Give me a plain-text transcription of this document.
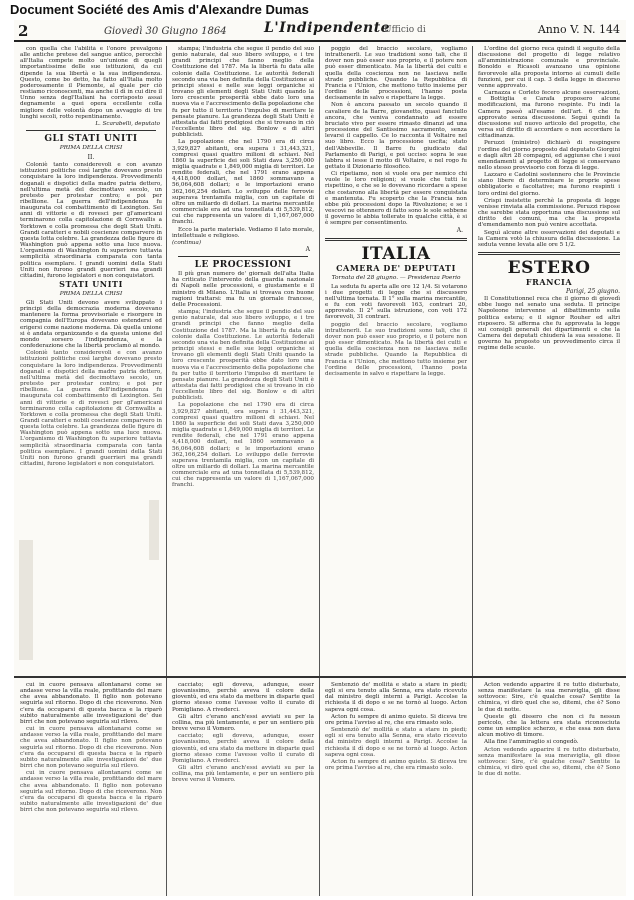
Document Société des Amis d'Alexandre Dumas
2	Giovedì 30 Giugno 1864	L'Indipendente
Ufficio di	Anno V. N. 144

con quella che l'abilità e l'onore prevalgono alle antiche pretese del sangue antico, perocchè all'Italia compete molto un'unione di quegli importantissime delle sue istituzioni, da cui dipende la sua libertà e la sua indipendenza. Questo, come bo detto, ha fatto all'Italia molto poderosamente il Piemonte, al quale per ciò restiamo riconoscenti, ma anche il dì in cui dire il Unno senza degl'Italiani ha corrisposto assai degnamente a quei opera eccellente colla migliore delle volontà dopo un avvaggio di tre lunghi secoli, rotto repentinamente.

L. Scarabelli, deputato
GLI STATI UNITI
PRIMA DELLA CRISI
II.

Coloniè tanto considerevoli e con avanzo istituzioni politiche così larghe dovevano presto conquistare la loro indipendenza. Provvedimenti doganali e dispotici della madre patria dettero, nell'ultima metà del decimottavo secolo, un pretesto per protestar contro; e poi per ribellione. La guerra dell'indipendenza fu inaugurata col combattimento di Lexington. Sei anni di vittorie e di rovesci per gl'americani terminarono colla capitolazione di Cornwallis a Yorktown e colla promessa che degli Stati Uniti. Grandi caratteri e nobili coscienze comparvero in questa lotta celebre. La grandezza delle figure di Washington può appena sotto una luce nuova. L'organismo di Washington fu superiore tuttavia semplicità straordinaria comparata con tanta politica esemplare. I grandi uomini della Stati Uniti non furono grandi guerrieri ma grandi cittadini, furono legislatori e non conquistatori.

STATI UNITI
PRIMA DELLA CRISI

Gli Stati Uniti devono avere sviluppato i principi della democrazia moderna dovevano mantenere la forma provvisoriale e risorgere in compagnia dell'Europa dovevano estendersi ed erigersi come nazione moderna. Dà quella unione si è andata organizzando e da questa unione del mondo sorsero l'indipendenza, e la confederazione che la libertà proclamò al mondo.

Coloniè tanto considerevoli e con avanzo istituzioni politiche così larghe dovevano presto conquistare la loro indipendenza. Provvedimenti doganali e dispotici della madre patria dettero, nell'ultima metà del decimottavo secolo, un pretesto per protestar contro; e poi per ribellione. La guerra dell'indipendenza fu inaugurata col combattimento di Lexington. Sei anni di vittorie e di rovesci per gl'americani terminarono colla capitolazione di Cornwallis a Yorktown e colla promessa che degli Stati Uniti. Grandi caratteri e nobili coscienze comparvero in questa lotta celebre. La grandezza delle figure di Washington può appena sotto una luce nuova. L'organismo di Washington fu superiore tuttavia semplicità straordinaria comparata con tanta politica esemplare. I grandi uomini della Stati Uniti non furono grandi guerrieri ma grandi cittadini, furono legislatori e non conquistatori.

stampa; l'industria che segue il pendio del suo genio naturale, dal suo libero sviluppo, e i tre grandi principi che fanno meglio della Costituzione del 1787. Ma la libertà fu data alle colonie dalla Costituzione. Le autorità federali secondo una via ben definita della Costituzione ai principi stessi e nelle sue leggi organiche si trovano gli elementi degli Stati Uniti quando la loro crescente prosperità ebbe dato loro una nuova via e l'accrescimento della popolazione che fu per tutto il territorio l'impulso di meritare le pensate pianure. La grandezza degli Stati Uniti è attestata dai fatti prodigiosi che si trovano in ciò l'eccellente libro del sig. Bonlow e di altri pubblicisti.

La popolazione che nel 1790 era di circa 3,929,827 abitanti, ora supera i 31,443,321, compresi quasi quattro milioni di schiavi. Nel 1860 la superficie dei soli Stati dava 3,250,000 miglia quadrate e 1,849,000 miglia di territori. Le rendite federali, che nel 1791 erano appena 4,418,000 dollari, nel 1860 sommavano a 56,064,608 dollari; e le importazioni erano 362,166,254 dollari. Lo sviluppo delle ferrovie superava trentamila miglia, con un capitale di oltre un miliardo di dollari. La marina mercantile commerciale era ad una tonnellata di 5,539,812, cui che rappresenta un valore di 1,167,067,000 franchi.

Ecco la parte materiale. Vediamo il lato morale, intellettuale e religioso.

(continua)
A
LE PROCESSIONI

Il più gran numero de' giornali dell'alta Italia ha criticato l'intervento della guardia nazionale di Napoli nelle processioni, e giustamente e il ministro di Milano. L'Italia si trovava con buone ragioni trattarsi: ma fu un giornale francese, delle Processioni.

stampa; l'industria che segue il pendio del suo genio naturale, dal suo libero sviluppo, e i tre grandi principi che fanno meglio della Costituzione del 1787. Ma la libertà fu data alle colonie dalla Costituzione. Le autorità federali secondo una via ben definita della Costituzione ai principi stessi e nelle sue leggi organiche si trovano gli elementi degli Stati Uniti quando la loro crescente prosperità ebbe dato loro una nuova via e l'accrescimento della popolazione che fu per tutto il territorio l'impulso di meritare le pensate pianure. La grandezza degli Stati Uniti è attestata dai fatti prodigiosi che si trovano in ciò l'eccellente libro del sig. Bonlow e di altri pubblicisti.

La popolazione che nel 1790 era di circa 3,929,827 abitanti, ora supera i 31,443,321, compresi quasi quattro milioni di schiavi. Nel 1860 la superficie dei soli Stati dava 3,250,000 miglia quadrate e 1,849,000 miglia di territori. Le rendite federali, che nel 1791 erano appena 4,418,000 dollari, nel 1860 sommavano a 56,064,608 dollari; e le importazioni erano 362,166,254 dollari. Lo sviluppo delle ferrovie superava trentamila miglia, con un capitale di oltre un miliardo di dollari. La marina mercantile commerciale era ad una tonnellata di 5,539,812, cui che rappresenta un valore di 1,167,067,000 franchi.

poggio del braccio secolare, vogliamo intrattenerli. Le suo tradizioni sono tali, che il dover non può esser suo proprio, e il potere non può esser dimenticato. Ma la libertà dei culti e quella della coscienza non ne lasciava nelle strade pubbliche. Quando la Repubblica di Francia e l'Union, che mettono tutto insieme per l'ordine delle processioni, l'hanno posta decisamente in salvo e rispettare la legge.

Non è ancora passato un secolo quando il cavaliere de la Barre, giovanetto, quasi fanciullo ancora, che veniva condannato ad essere bruciato vivo per essere rimasto dinanzi ad una processione del Santissimo sacramento, senza levarsi il cappello. Ce lo racconta il Voltaire nel suo libro. Ecco la processione uscita; stato dell'Abbeville. Il Barre fu giudicato dal Parlamento di Parigi, e poi ucciso: sopra le sue labbra si lesse il motto di Voltaire, e nel rogo fu gettato il Dizionario filosofico.

Ci ripetiamo, non si vuole ora per nemico chi vuole le loro religioni; si vuole che tutti le rispettino, e che se le dovevano ricordare a spese che costarono alla libertà per essere conquistata e mantenuta. Fu scoperto che la Francia non ebbe più processioni dopo la Rivoluzione; e se i vescovi ne ottennero di fatto sono le sole sebbene il governo le abbia tollerate in qualche città, è si è sempre per consentimento.

A.
ITALIA
CAMERA DE' DEPUTATI
Tornata del 28 giugno. — Presidenza Poerio

La seduta fu aperta alle ore 12 1/4. Si votarono i due progetti di legge che si discussero nell'ultima tornata. Il 1° sulla marina mercantile, e fu con voti favorevoli 163, contrari 20, approvato. Il 2° sulla istruzione, con voti 172 favorevoli, 31 contrari.

poggio del braccio secolare, vogliamo intrattenerli. Le suo tradizioni sono tali, che il dover non può esser suo proprio, e il potere non può esser dimenticato. Ma la libertà dei culti e quella della coscienza non ne lasciava nelle strade pubbliche. Quando la Repubblica di Francia e l'Union, che mettono tutto insieme per l'ordine delle processioni, l'hanno posta decisamente in salvo e rispettare la legge.

L'ordine del giorno reca quindi il seguito della discussione del progetto di legge relativo all'amministrazione comunale e provinciale. Bonoldo e Ricasoli avanzano una opinione favorevole alla proposta intorno ai cumuli delle funzioni, per cui il cap. 3 della legge in discorso venne approvato.

Carnazza e Corleto fecero alcune osservazioni, e Bottiglia e Carafa proposero alcune modificazioni, ma furono respinte. Fu indi la Camera passò all'esame dell'art. 6 che fu approvato senza discussione. Seguì quindi la discussione sul nuovo articolo del progetto, che versa sul diritto di accordare o non accordare la cittadinanza.

Peruzzi (ministro) dichiarò di respingere l'ordine del giorno proposto dal deputato Giorgini e dagli altri 28 compagni, ed aggiunse che i suoi emendamenti al progetto di legge si conservano nello stesso provvisorio con forza di legge.

Lazzaro e Cadolini sostennero che le Provincie siano libere di determinare le proprie spese obbligatorie e facoltative; ma furono respinti i loro ordini del giorno.

Crispi insistette perchè la proposta di legge venisse rinviata alla commissione. Peruzzi rispose che sarebbe stata opportuna una discussione sul diritto dei comuni, ma che la proposta d'emendamento non può venire accettata.

Seguì alcune altre osservazioni dei deputati e la Camera votò la chiusura della discussione. La seduta venne levata alle ore 5 1/2.

ESTERO
FRANCIA
Parigi, 25 giugno.

Il Constitutionnel reca che il giorno di giovedì ebbe luogo nel senato una seduta. Il principe Napoleone intervenne al dibattimento sulla politica estera; e il signor Rouher ed altri risposero. Si afferma che fu approvata la legge sui consigli generali dei dipartimenti e che la Camera dei deputati chiuderà la sua sessione. Il governo ha proposto un provvedimento circa il regime delle scuole.

cui in cuore pensava allontanarsi come se andasse verso la villa reale, profittando del mare che avea abbandonato. Il figlio non potevano seguirla sul ritorno. Dopo di che riceverono. Non c'era da occuparsi di questa bacca e la riparò subito naturalmente alle investigazioni de' due birri che non potevano seguirla sul rilevo.

cui in cuore pensava allontanarsi come se andasse verso la villa reale, profittando del mare che avea abbandonato. Il figlio non potevano seguirla sul ritorno. Dopo di che riceverono. Non c'era da occuparsi di questa bacca e la riparò subito naturalmente alle investigazioni de' due birri che non potevano seguirla sul rilevo.

cui in cuore pensava allontanarsi come se andasse verso la villa reale, profittando del mare che avea abbandonato. Il figlio non potevano seguirla sul ritorno. Dopo di che riceverono. Non c'era da occuparsi di questa bacca e la riparò subito naturalmente alle investigazioni de' due birri che non potevano seguirla sul rilevo.

cacciato; egli doveva, adunque, esser giovanissimo, perchè aveva il colore della gioventù, ed era stato da mettere in disparte quel giorno stesso come l'avesse volto il curato di Pomigliano. A rivederci.

Gli altri c'erano anch'essi avviati su per la collina, ma più lentamente, e per un sentiero più breve verso il Vomero.

cacciato; egli doveva, adunque, esser giovanissimo, perchè aveva il colore della gioventù, ed era stato da mettere in disparte quel giorno stesso come l'avesse volto il curato di Pomigliano. A rivederci.

Gli altri c'erano anch'essi avviati su per la collina, ma più lentamente, e per un sentiero più breve verso il Vomero.

Sentenziò de' mollità e stato a stare in piedi; egli si era tenuto alla Senna, era stato ricevuto dal ministro degli interni a Parigi. Accolse la richiesta il dì dopo e se ne tornò al luogo. Acton sapeva ogni cosa.

Acton fu sempre di animo quieto. Si diceva tre ore prima l'avviso al re, che era rimasto solo.

Sentenziò de' mollità e stato a stare in piedi; egli si era tenuto alla Senna, era stato ricevuto dal ministro degli interni a Parigi. Accolse la richiesta il dì dopo e se ne tornò al luogo. Acton sapeva ogni cosa.

Acton fu sempre di animo quieto. Si diceva tre ore prima l'avviso al re, che era rimasto solo.

Acton vedendo apparire il re tutto disturbato, senza manifestare la sua meraviglia, gli disse sottovoce: Sire, c'è qualche cosa? Sentite la chimica, vi dirò quel che so, ditemi, che è? Sono le due di notte.

Queste gli dissero che non ci fu nessun pericolo, che la lettera era stata riconosciuta come un semplice scherzo, e che essa non dava alcun motivo di timore.

Alla fine l'ammiraglio si congedò.

Acton vedendo apparire il re tutto disturbato, senza manifestare la sua meraviglia, gli disse sottovoce: Sire, c'è qualche cosa? Sentite la chimica, vi dirò quel che so, ditemi, che è? Sono le due di notte.
